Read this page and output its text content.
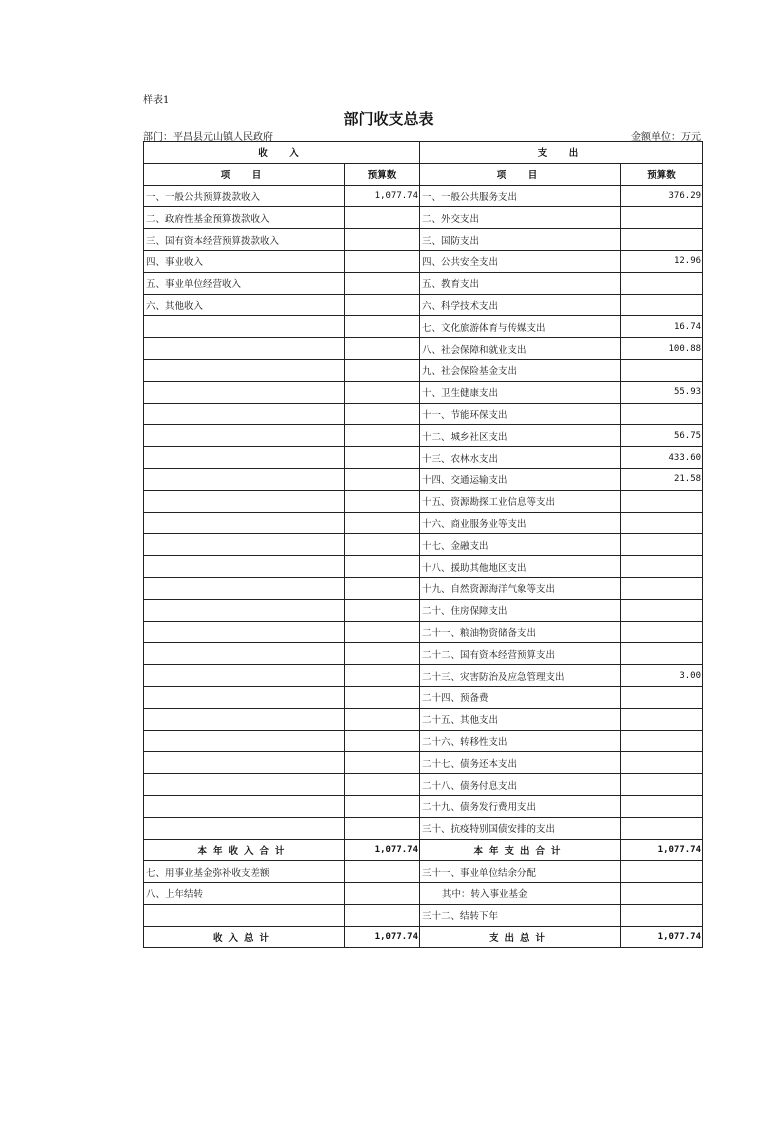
样表1
部门收支总表
部门：平昌县元山镇人民政府	金额单位：万元
收　入		支　出	
项　目	预算数	项　目	预算数
一、一般公共预算拨款收入	1,077.74	一、一般公共服务支出	376.29
二、政府性基金预算拨款收入		二、外交支出	
三、国有资本经营预算拨款收入		三、国防支出	
四、事业收入		四、公共安全支出	12.96
五、事业单位经营收入		五、教育支出	
六、其他收入		六、科学技术支出	
		七、文化旅游体育与传媒支出	16.74
		八、社会保障和就业支出	100.88
		九、社会保险基金支出	
		十、卫生健康支出	55.93
		十一、节能环保支出	
		十二、城乡社区支出	56.75
		十三、农林水支出	433.60
		十四、交通运输支出	21.58
		十五、资源勘探工业信息等支出	
		十六、商业服务业等支出	
		十七、金融支出	
		十八、援助其他地区支出	
		十九、自然资源海洋气象等支出	
		二十、住房保障支出	
		二十一、粮油物资储备支出	
		二十二、国有资本经营预算支出	
		二十三、灾害防治及应急管理支出	3.00
		二十四、预备费	
		二十五、其他支出	
		二十六、转移性支出	
		二十七、债务还本支出	
		二十八、债务付息支出	
		二十九、债务发行费用支出	
		三十、抗疫特别国债安排的支出	
本年收入合计	1,077.74	本年支出合计	1,077.74
七、用事业基金弥补收支差额		三十一、事业单位结余分配	
八、上年结转		其中：转入事业基金	
		三十二、结转下年	
收入总计	1,077.74	支出总计	1,077.74
